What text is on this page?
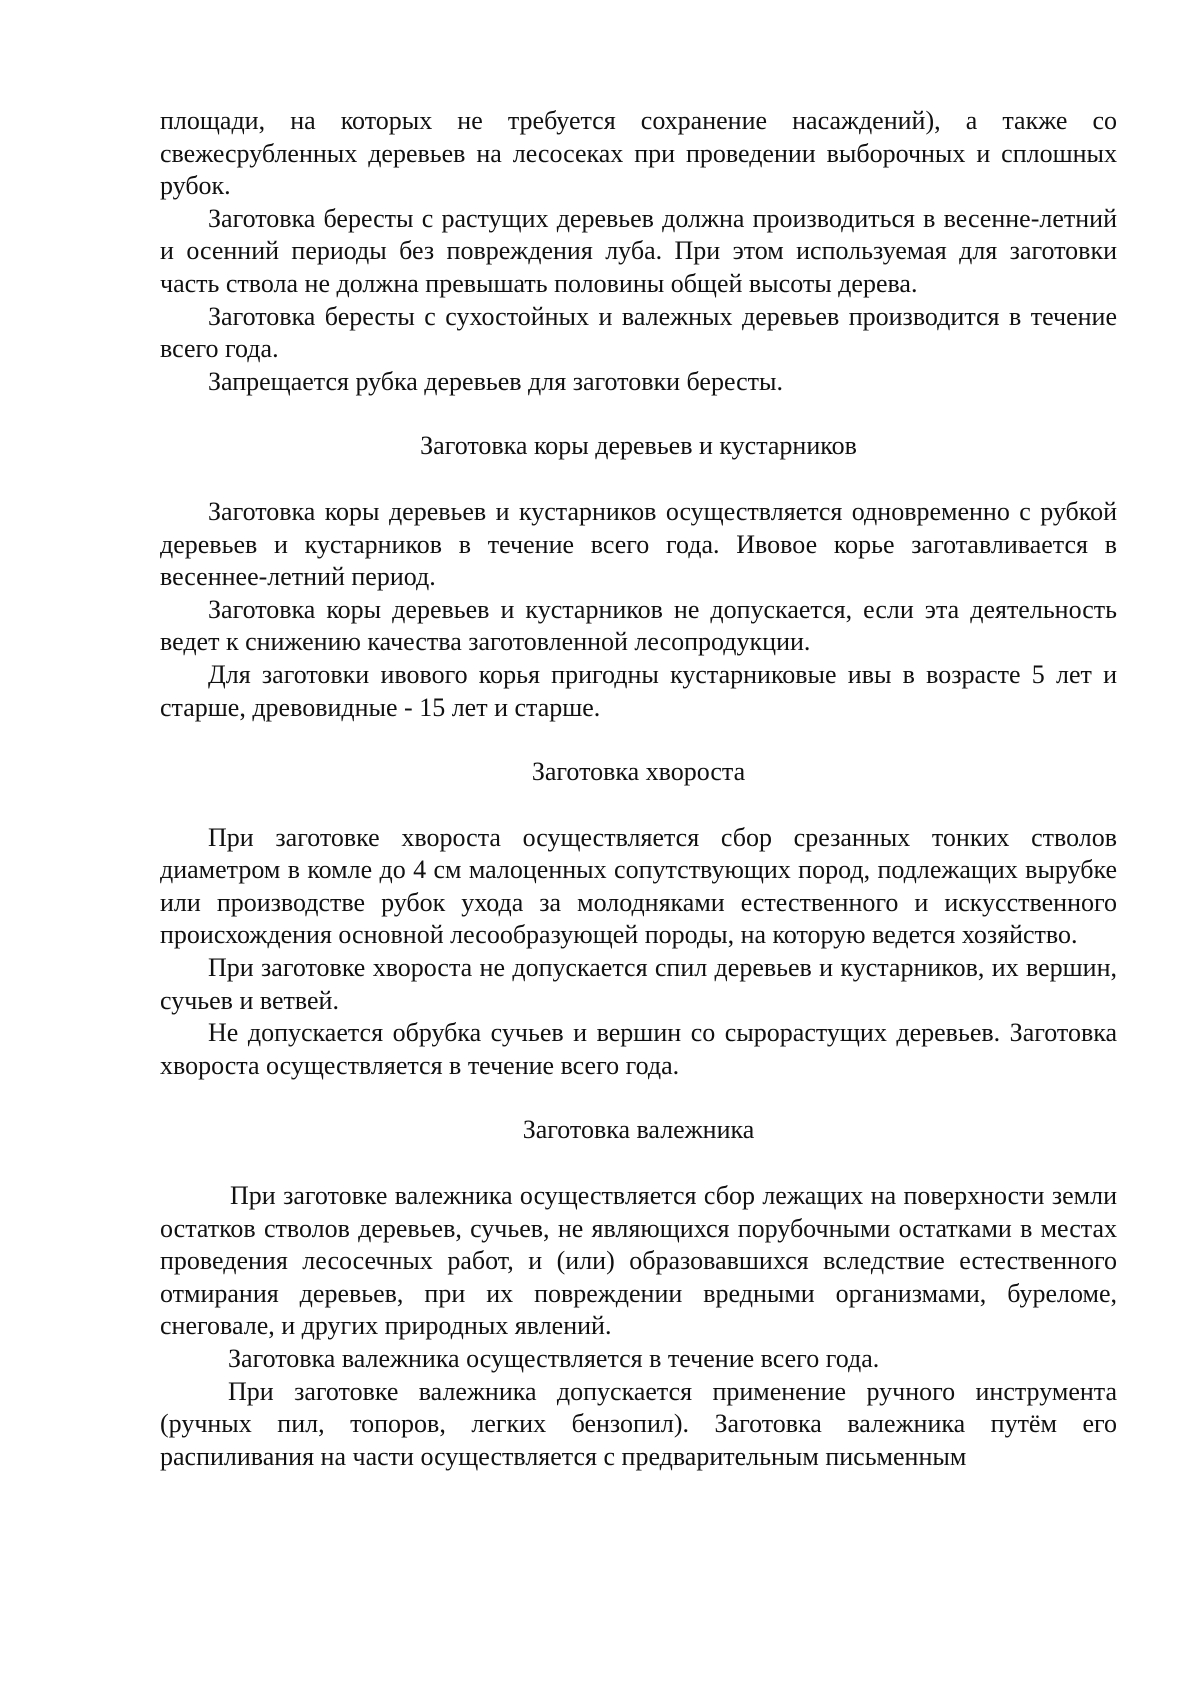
площади, на которых не требуется сохранение насаждений), а также со свежесрубленных деревьев на лесосеках при проведении выборочных и сплошных рубок.

Заготовка бересты с растущих деревьев должна производиться в весенне-летний и осенний периоды без повреждения луба. При этом используемая для заготовки часть ствола не должна превышать половины общей высоты дерева.

Заготовка бересты с сухостойных и валежных деревьев производится в течение всего года.

Запрещается рубка деревьев для заготовки бересты.

Заготовка коры деревьев и кустарников

Заготовка коры деревьев и кустарников осуществляется одновременно с рубкой деревьев и кустарников в течение всего года. Ивовое корье заготавливается в весеннее-летний период.

Заготовка коры деревьев и кустарников не допускается, если эта деятельность ведет к снижению качества заготовленной лесопродукции.

Для заготовки ивового корья пригодны кустарниковые ивы в возрасте 5 лет и старше, древовидные - 15 лет и старше.

Заготовка хвороста

При заготовке хвороста осуществляется сбор срезанных тонких стволов диаметром в комле до 4 см малоценных сопутствующих пород, подлежащих вырубке или производстве рубок ухода за молодняками естественного и искусственного происхождения основной лесообразующей породы, на которую ведется хозяйство.

При заготовке хвороста не допускается спил деревьев и кустарников, их вершин, сучьев и ветвей.

Не допускается обрубка сучьев и вершин со сырорастущих деревьев. Заготовка хвороста осуществляется в течение всего года.

Заготовка валежника

При заготовке валежника осуществляется сбор лежащих на поверхности земли остатков стволов деревьев, сучьев, не являющихся порубочными остатками в местах проведения лесосечных работ, и (или) образовавшихся вследствие естественного отмирания деревьев, при их повреждении вредными организмами, буреломе, снеговале, и других природных явлений.

Заготовка валежника осуществляется в течение всего года.

При заготовке валежника допускается применение ручного инструмента (ручных пил, топоров, легких бензопил). Заготовка валежника путём его распиливания на части осуществляется с предварительным письменным
